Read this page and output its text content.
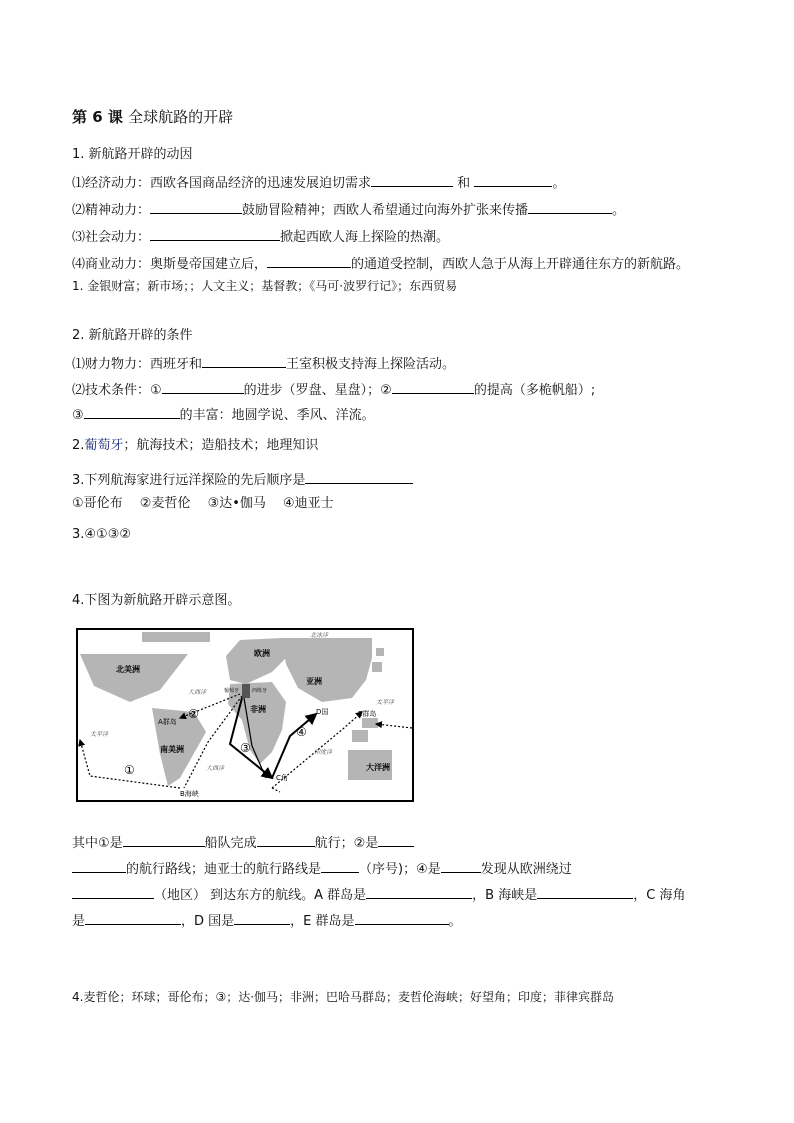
第 6 课 全球航路的开辟
1. 新航路开辟的动因
⑴经济动力：西欧各国商品经济的迅速发展迫切需求	和	。
⑵精神动力：	鼓励冒险精神；西欧人希望通过向海外扩张来传播	。
⑶社会动力：	掀起西欧人海上探险的热潮。
⑷商业动力：奥斯曼帝国建立后，	的通道受控制，西欧人急于从海上开辟通往东方的新航路。
1. 金银财富；新市场；；人文主义；基督教；《马可·波罗行记》；东西贸易
2. 新航路开辟的条件
⑴财力物力：西班牙和	王室积极支持海上探险活动。
⑵技术条件：①	的进步（罗盘、星盘）；②	的提高（多桅帆船）;
③	的丰富：地圆学说、季风、洋流。
2.葡萄牙；航海技术；造船技术；地理知识
3.下列航海家进行远洋探险的先后顺序是
①哥伦布　 ②麦哲伦　 ③达•伽马　 ④迪亚士
3.④①③②
4.下图为新航路开辟示意图。
北冰洋
北美洲
欧洲
亚洲
非洲
南美洲
大洋洲
大西洋
太平洋
太平洋
印度洋
大西洋
葡萄牙	西班牙
A群岛
B海峡
C角
D国	E群岛
①
②
③
④
其中①是	船队完成	航行；②是
的航行路线；迪亚士的航行路线是	（序号)；④是	发现从欧洲绕过
（地区） 到达东方的航线。A 群岛是	，B 海峡是	，C 海角
是	，D 国是	，E 群岛是	。
4.麦哲伦；环球；哥伦布；③；达·伽马；非洲；巴哈马群岛；麦哲伦海峡；好望角；印度；菲律宾群岛
